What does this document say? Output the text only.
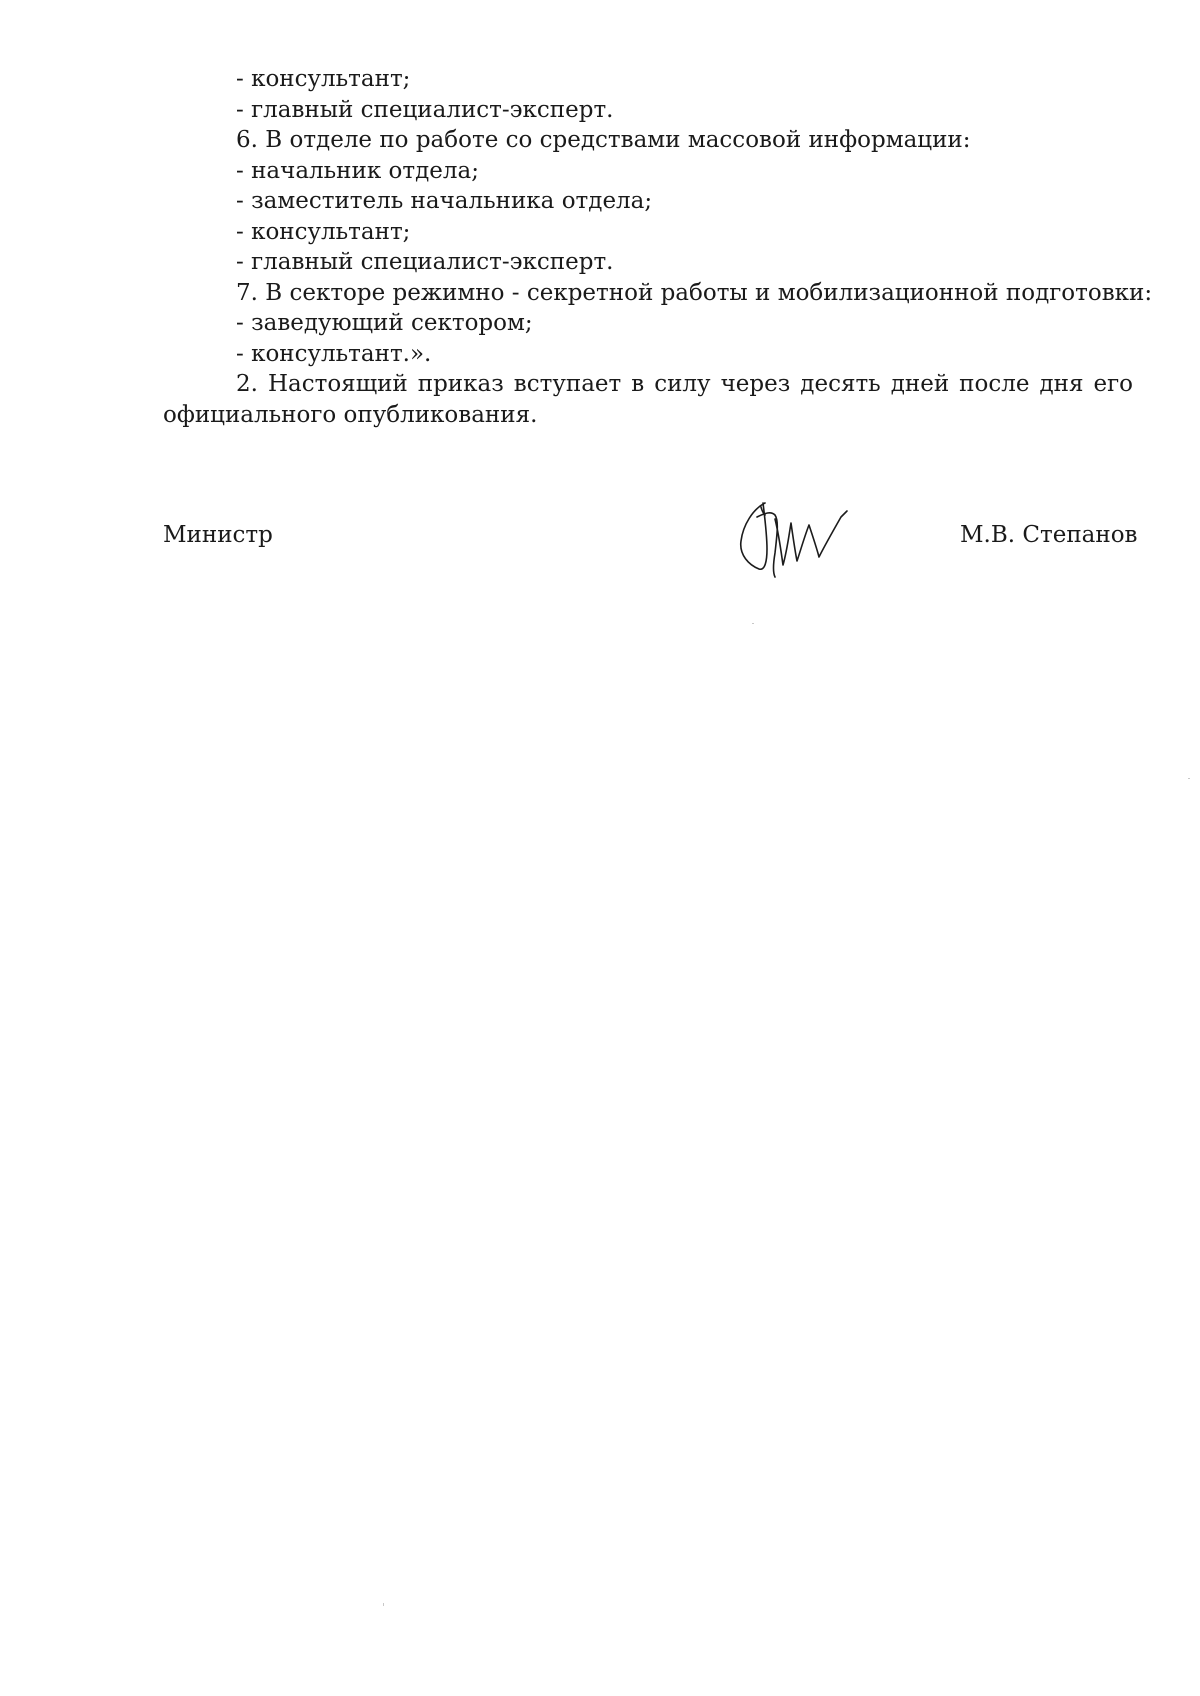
- консультант;

- главный специалист-эксперт.

6. В отделе по работе со средствами массовой информации:

- начальник отдела;

- заместитель начальника отдела;

- консультант;

- главный специалист-эксперт.

7. В секторе режимно - секретной работы и мобилизационной подготовки:

- заведующий сектором;

- консультант.».

2. Настоящий приказ вступает в силу через десять дней после дня его официального опубликования.

Министр	М.В. Степанов
